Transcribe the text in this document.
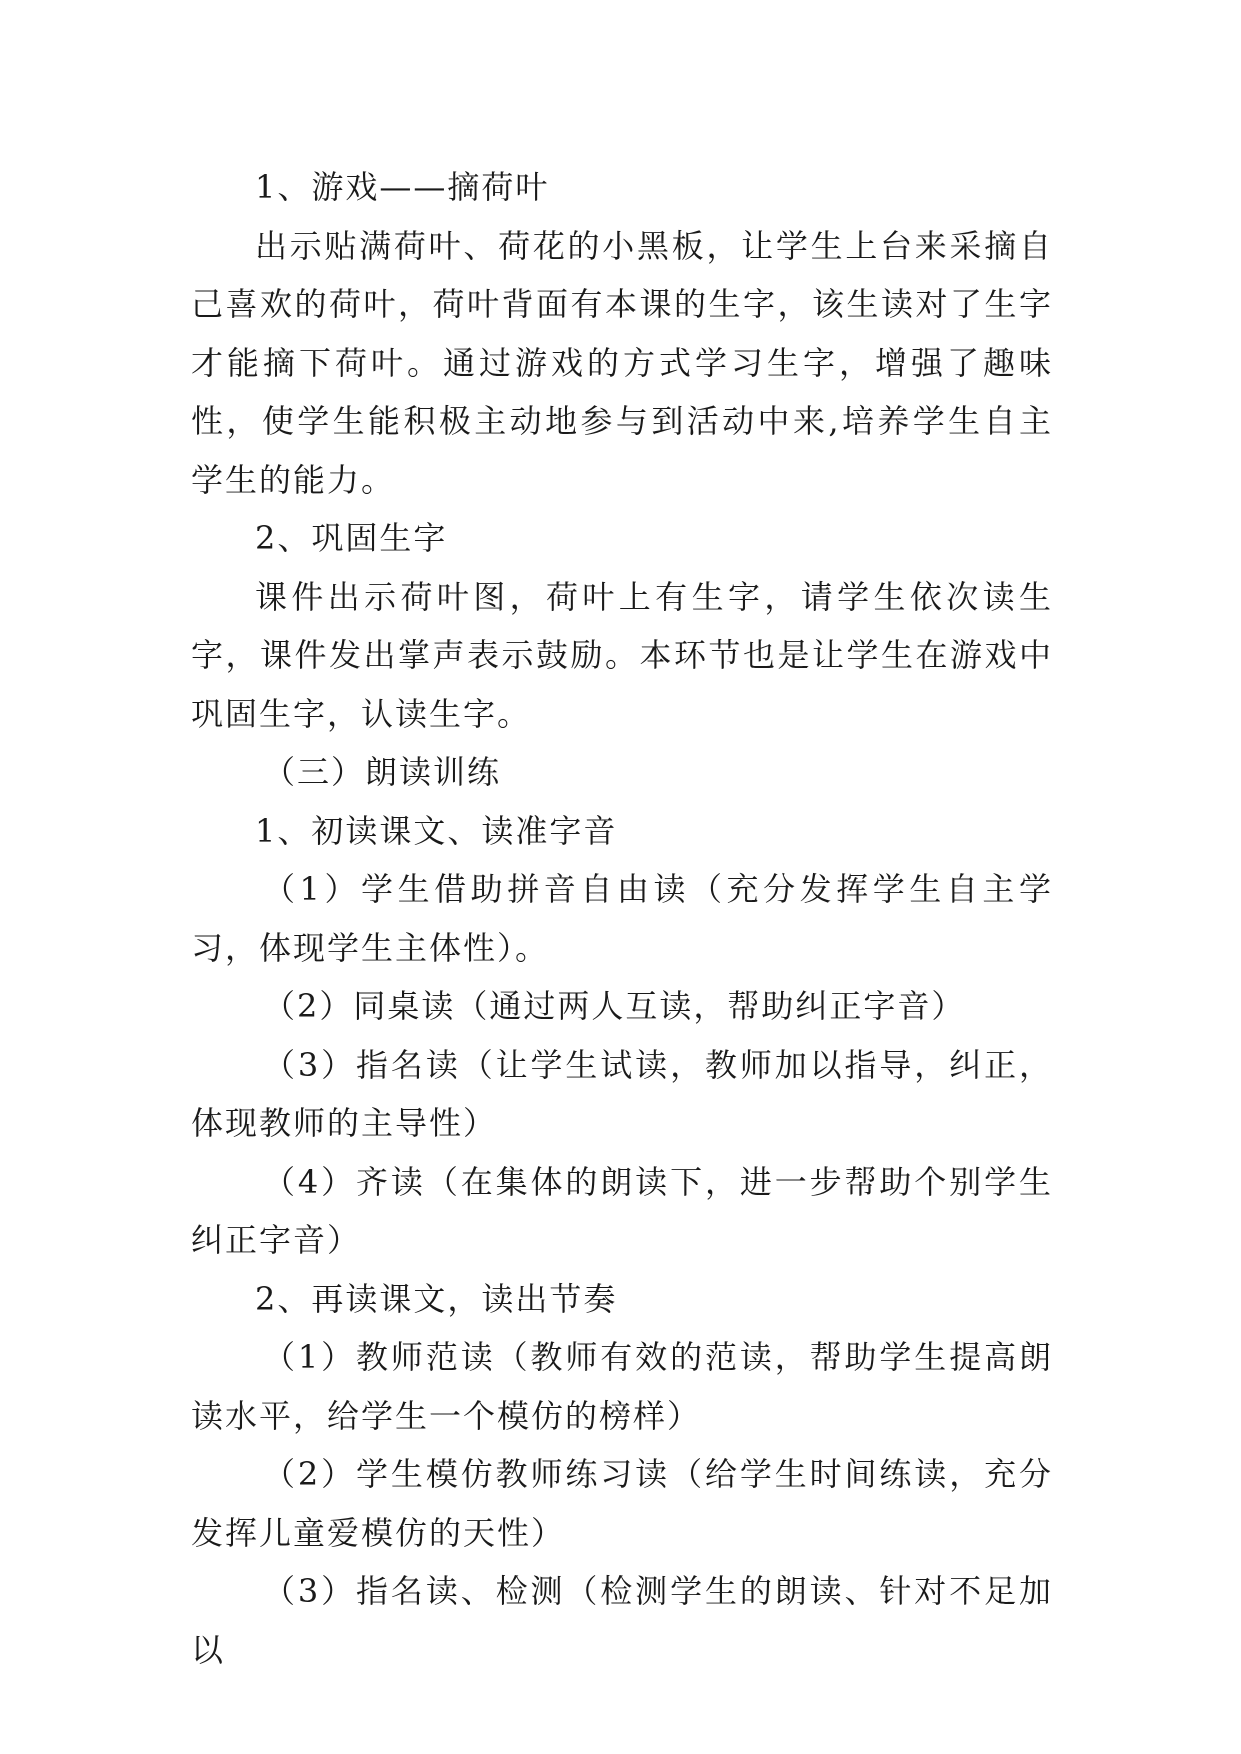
1、游戏——摘荷叶

出示贴满荷叶、荷花的小黑板，让学生上台来采摘自己喜欢的荷叶，荷叶背面有本课的生字，该生读对了生字才能摘下荷叶。通过游戏的方式学习生字，增强了趣味性，使学生能积极主动地参与到活动中来,培养学生自主学生的能力。

2、巩固生字

课件出示荷叶图，荷叶上有生字，请学生依次读生字，课件发出掌声表示鼓励。本环节也是让学生在游戏中巩固生字，认读生字。

（三）朗读训练

1、初读课文、读准字音

（1）学生借助拼音自由读（充分发挥学生自主学习，体现学生主体性）。

（2）同桌读（通过两人互读，帮助纠正字音）

（3）指名读（让学生试读，教师加以指导，纠正，体现教师的主导性）

（4）齐读（在集体的朗读下，进一步帮助个别学生纠正字音）

2、再读课文，读出节奏

（1）教师范读（教师有效的范读，帮助学生提高朗读水平，给学生一个模仿的榜样）

（2）学生模仿教师练习读（给学生时间练读，充分发挥儿童爱模仿的天性）

（3）指名读、检测（检测学生的朗读、针对不足加以
